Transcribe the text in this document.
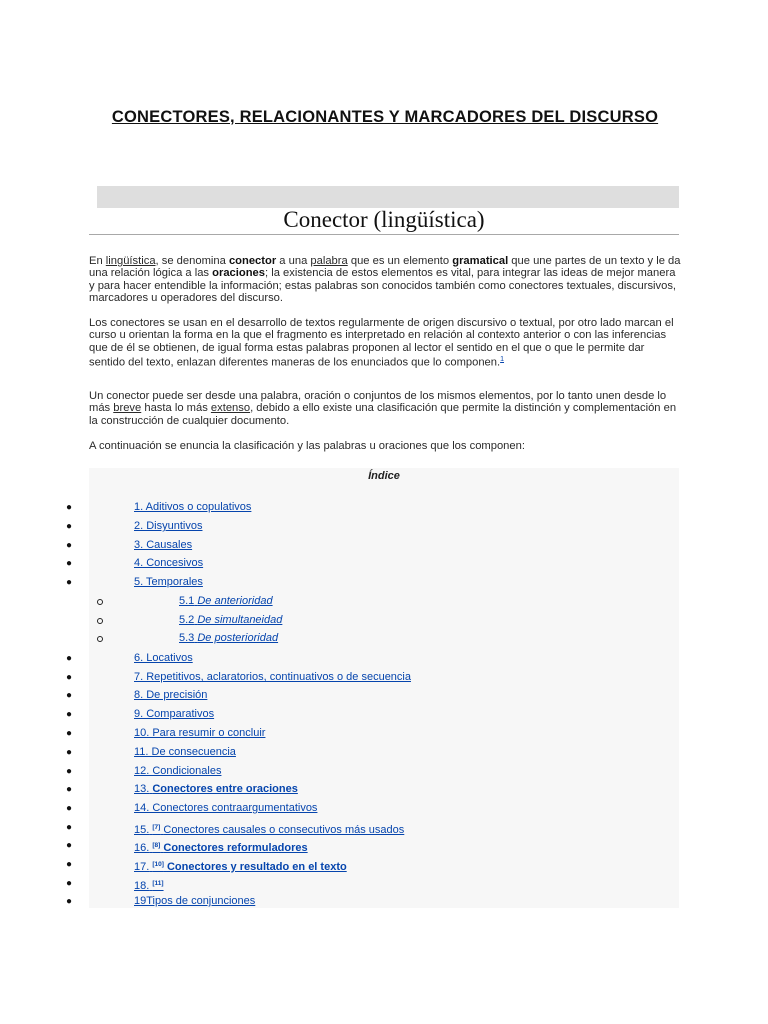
CONECTORES, RELACIONANTES Y MARCADORES DEL DISCURSO
Conector (lingüística)

En lingüística, se denomina conector a una palabra que es un elemento gramatical que une partes de un texto y le da una relación lógica a las oraciones; la existencia de estos elementos es vital, para integrar las ideas de mejor manera y para hacer entendible la información; estas palabras son conocidos también como conectores textuales, discursivos, marcadores u operadores del discurso.

Los conectores se usan en el desarrollo de textos regularmente de origen discursivo o textual, por otro lado marcan el curso u orientan la forma en la que el fragmento es interpretado en relación al contexto anterior o con las inferencias que de él se obtienen, de igual forma estas palabras proponen al lector el sentido en el que o que le permite dar sentido del texto, enlazan diferentes maneras de los enunciados que lo componen.$^1$

Un conector puede ser desde una palabra, oración o conjuntos de los mismos elementos, por lo tanto unen desde lo más breve hasta lo más extenso, debido a ello existe una clasificación que permite la distinción y complementación en la construcción de cualquier documento.

A continuación se enuncia la clasificación y las palabras u oraciones que los componen:

Índice
●	1. Aditivos o copulativos
●	2. Disyuntivos
●	3. Causales
●	4. Concesivos
●	5. Temporales
5.1 De anterioridad
5.2 De simultaneidad
5.3 De posterioridad
●	6. Locativos
●	7. Repetitivos, aclaratorios, continuativos o de secuencia
●	8. De precisión
●	9. Comparativos
●	10. Para resumir o concluir
●	11. De consecuencia
●	12. Condicionales
●	13. Conectores entre oraciones
●	14. Conectores contraargumentativos
●	15. [7] Conectores causales o consecutivos más usados
●	16. [8] Conectores reformuladores
●	17. [10] Conectores y resultado en el texto
●	18. [11]
●	19Tipos de conjunciones
